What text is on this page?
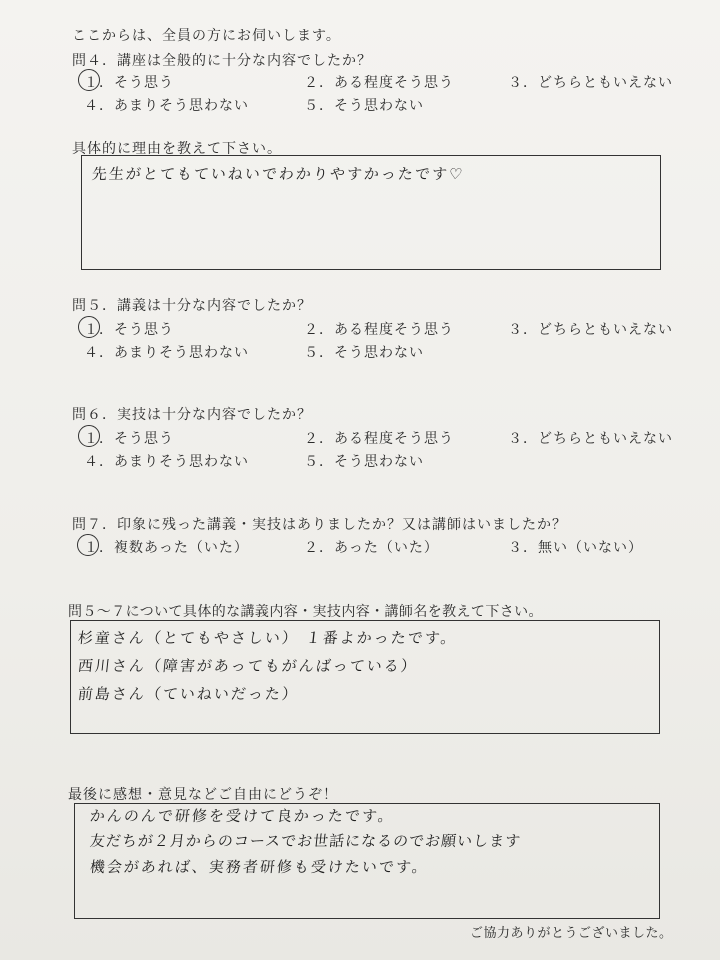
ここからは、全員の方にお伺いします。
問４．講座は全般的に十分な内容でしたか？
１．そう思う	２．ある程度そう思う	３．どちらともいえない
４．あまりそう思わない	５．そう思わない
具体的に理由を教えて下さい。
先生がとてもていねいでわかりやすかったです♡
問５．講義は十分な内容でしたか？
１．そう思う	２．ある程度そう思う	３．どちらともいえない
４．あまりそう思わない	５．そう思わない
問６．実技は十分な内容でしたか？
１．そう思う	２．ある程度そう思う	３．どちらともいえない
４．あまりそう思わない	５．そう思わない
問７．印象に残った講義・実技はありましたか？又は講師はいましたか？
１．複数あった（いた）	２．あった（いた）	３．無い（いない）
問５～７について具体的な講義内容・実技内容・講師名を教えて下さい。
杉童さん（とてもやさしい） １番よかったです。
西川さん（障害があってもがんばっている）
前島さん（ていねいだった）
最後に感想・意見などご自由にどうぞ！
かんのんで研修を受けて良かったです。
友だちが２月からのコースでお世話になるのでお願いします
機会があれば、実務者研修も受けたいです。
ご協力ありがとうございました。
